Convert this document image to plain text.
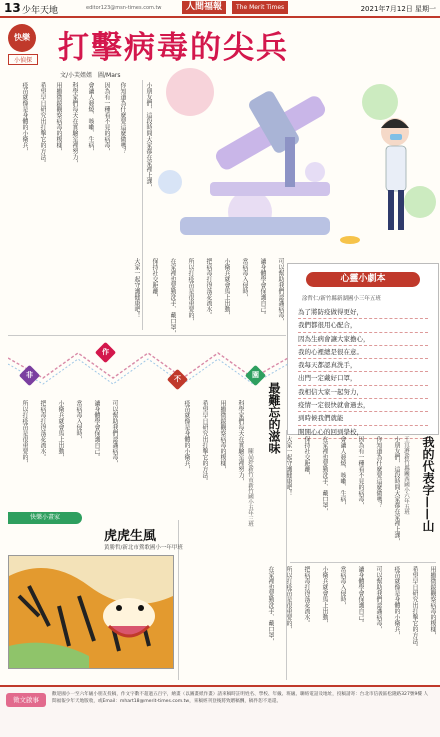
13 少年天地	editor123@msn-times.com.tw	人間福報	The Merit Times	2021年7月12日 星期一
快樂
小偵探 打擊病毒的尖兵
文/小芙姐姐　圖/Mars
小朋友們，這段時間大家都在家裡上課，
你知道為什麼要這麼做嗎？
因為有一種看不見的病毒，
會讓人發燒、咳嗽、生病，
科學家們每天在實驗室裡努力，
用顯微鏡觀察病毒的模樣，
希望早日研究出打擊它的方法。
疫苗就像是身體的小衛兵，
心靈小劇本
涂哲仁/新竹縣新湖國小三年五班
為了將防疫做得更好，
我們都很用心配合，
因為生病會讓大家擔心，
我的心裡總是很在意。
我每天都認真洗手，
出門一定戴好口罩，
我相信大家一起努力，
疫情一定很快就會過去，
到時候我們就能
開開心心的回到學校，
可以幫助我們認識病毒，
讓身體學會保護自己。
當病毒入侵時，
小衛兵就會馬上出動，
把病毒打得落花流水。
所以打疫苗是很重要的，
在家裡也要勤洗手、戴口罩，
保持社交距離，
大家一起守護健康吧！
非
作
不	園
最難忘的滋味
陳品妤/新竹市新竹國小五年三班
科學家們每天在實驗室裡努力，
用顯微鏡觀察病毒的模樣，
希望早日研究出打擊它的方法。
疫苗就像是身體的小衛兵，
可以幫助我們認識病毒，
讓身體學會保護自己。
當病毒入侵時，
小衛兵就會馬上出動，
把病毒打得落花流水。
所以打疫苗是很重要的，
我的代表字——山
王宜濬/新竹縣關西國小六年五班
小朋友們，這段時間大家都在家裡上課，
你知道為什麼要這麼做嗎？
因為有一種看不見的病毒，
會讓人發燒、咳嗽、生病，
在家裡也要勤洗手、戴口罩，
保持社交距離，
大家一起守護健康吧！
用顯微鏡觀察病毒的模樣，
希望早日研究出打擊它的方法。
疫苗就像是身體的小衛兵，
可以幫助我們認識病毒，
讓身體學會保護自己。
當病毒入侵時，
小衛兵就會馬上出動，
把病毒打得落花流水。
所以打疫苗是很重要的，
在家裡也要勤洗手、戴口罩，
快樂小畫家
虎虎生風
黃勝哲/新北市鶯歌國小一年甲班
徵文啟事
歡迎國小一至六年級小朋友投稿，作文字數不超過五百字，繪畫（以圖畫紙作畫）請來稿時註明姓名、學校、年級、班級、聯絡電話及地址，投稿請寄：台北市信義區松隆路327號9樓 人間福報少年天地版收，或Email：mhart18@merit-times.com.tw，來稿經刊登後將致贈稿酬，稿件恕不退還。
